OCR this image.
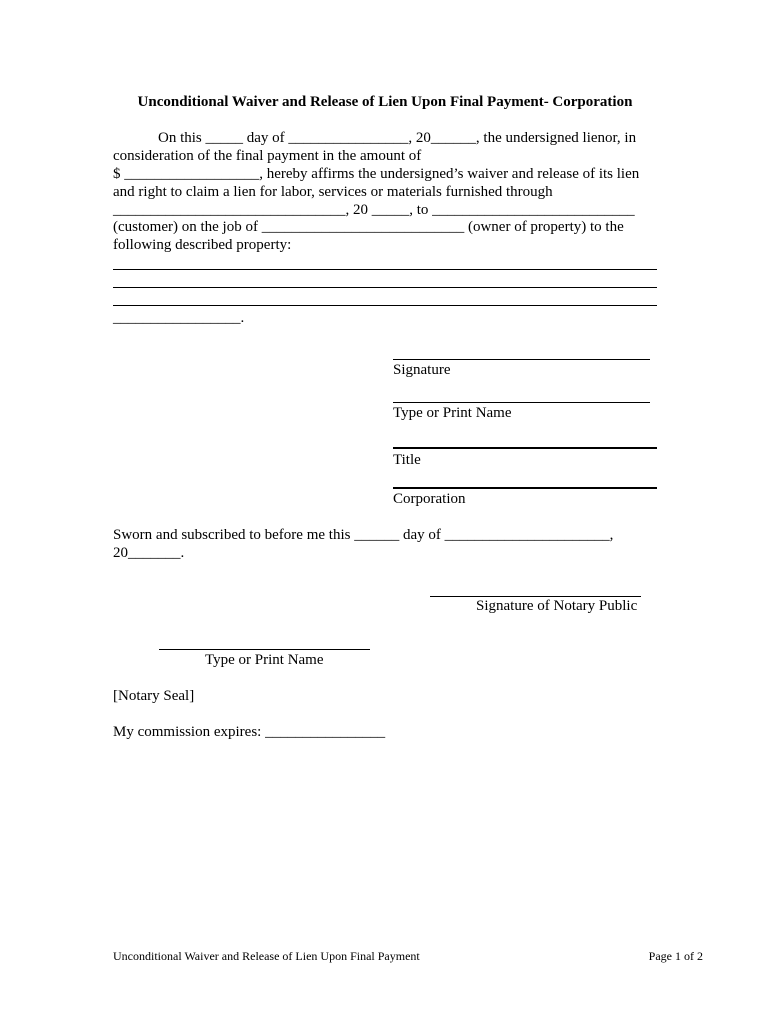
Unconditional Waiver and Release of Lien Upon Final Payment- Corporation
On this _____ day of ________________, 20______, the undersigned lienor, in
consideration of the final payment in the amount of
$ __________________, hereby affirms the undersigned’s waiver and release of its lien
and right to claim a lien for labor, services or materials furnished through
_______________________________, 20 _____, to ___________________________
(customer) on the job of ___________________________ (owner of property) to the
following described property:
_________________.
Signature
Type or Print Name
Title
Corporation
Sworn and subscribed to before me this ______ day of ______________________,
20_______.
Signature of Notary Public
Type or Print Name
[Notary Seal]
My commission expires: ________________
Unconditional Waiver and Release of Lien Upon Final Payment	Page 1 of 2
